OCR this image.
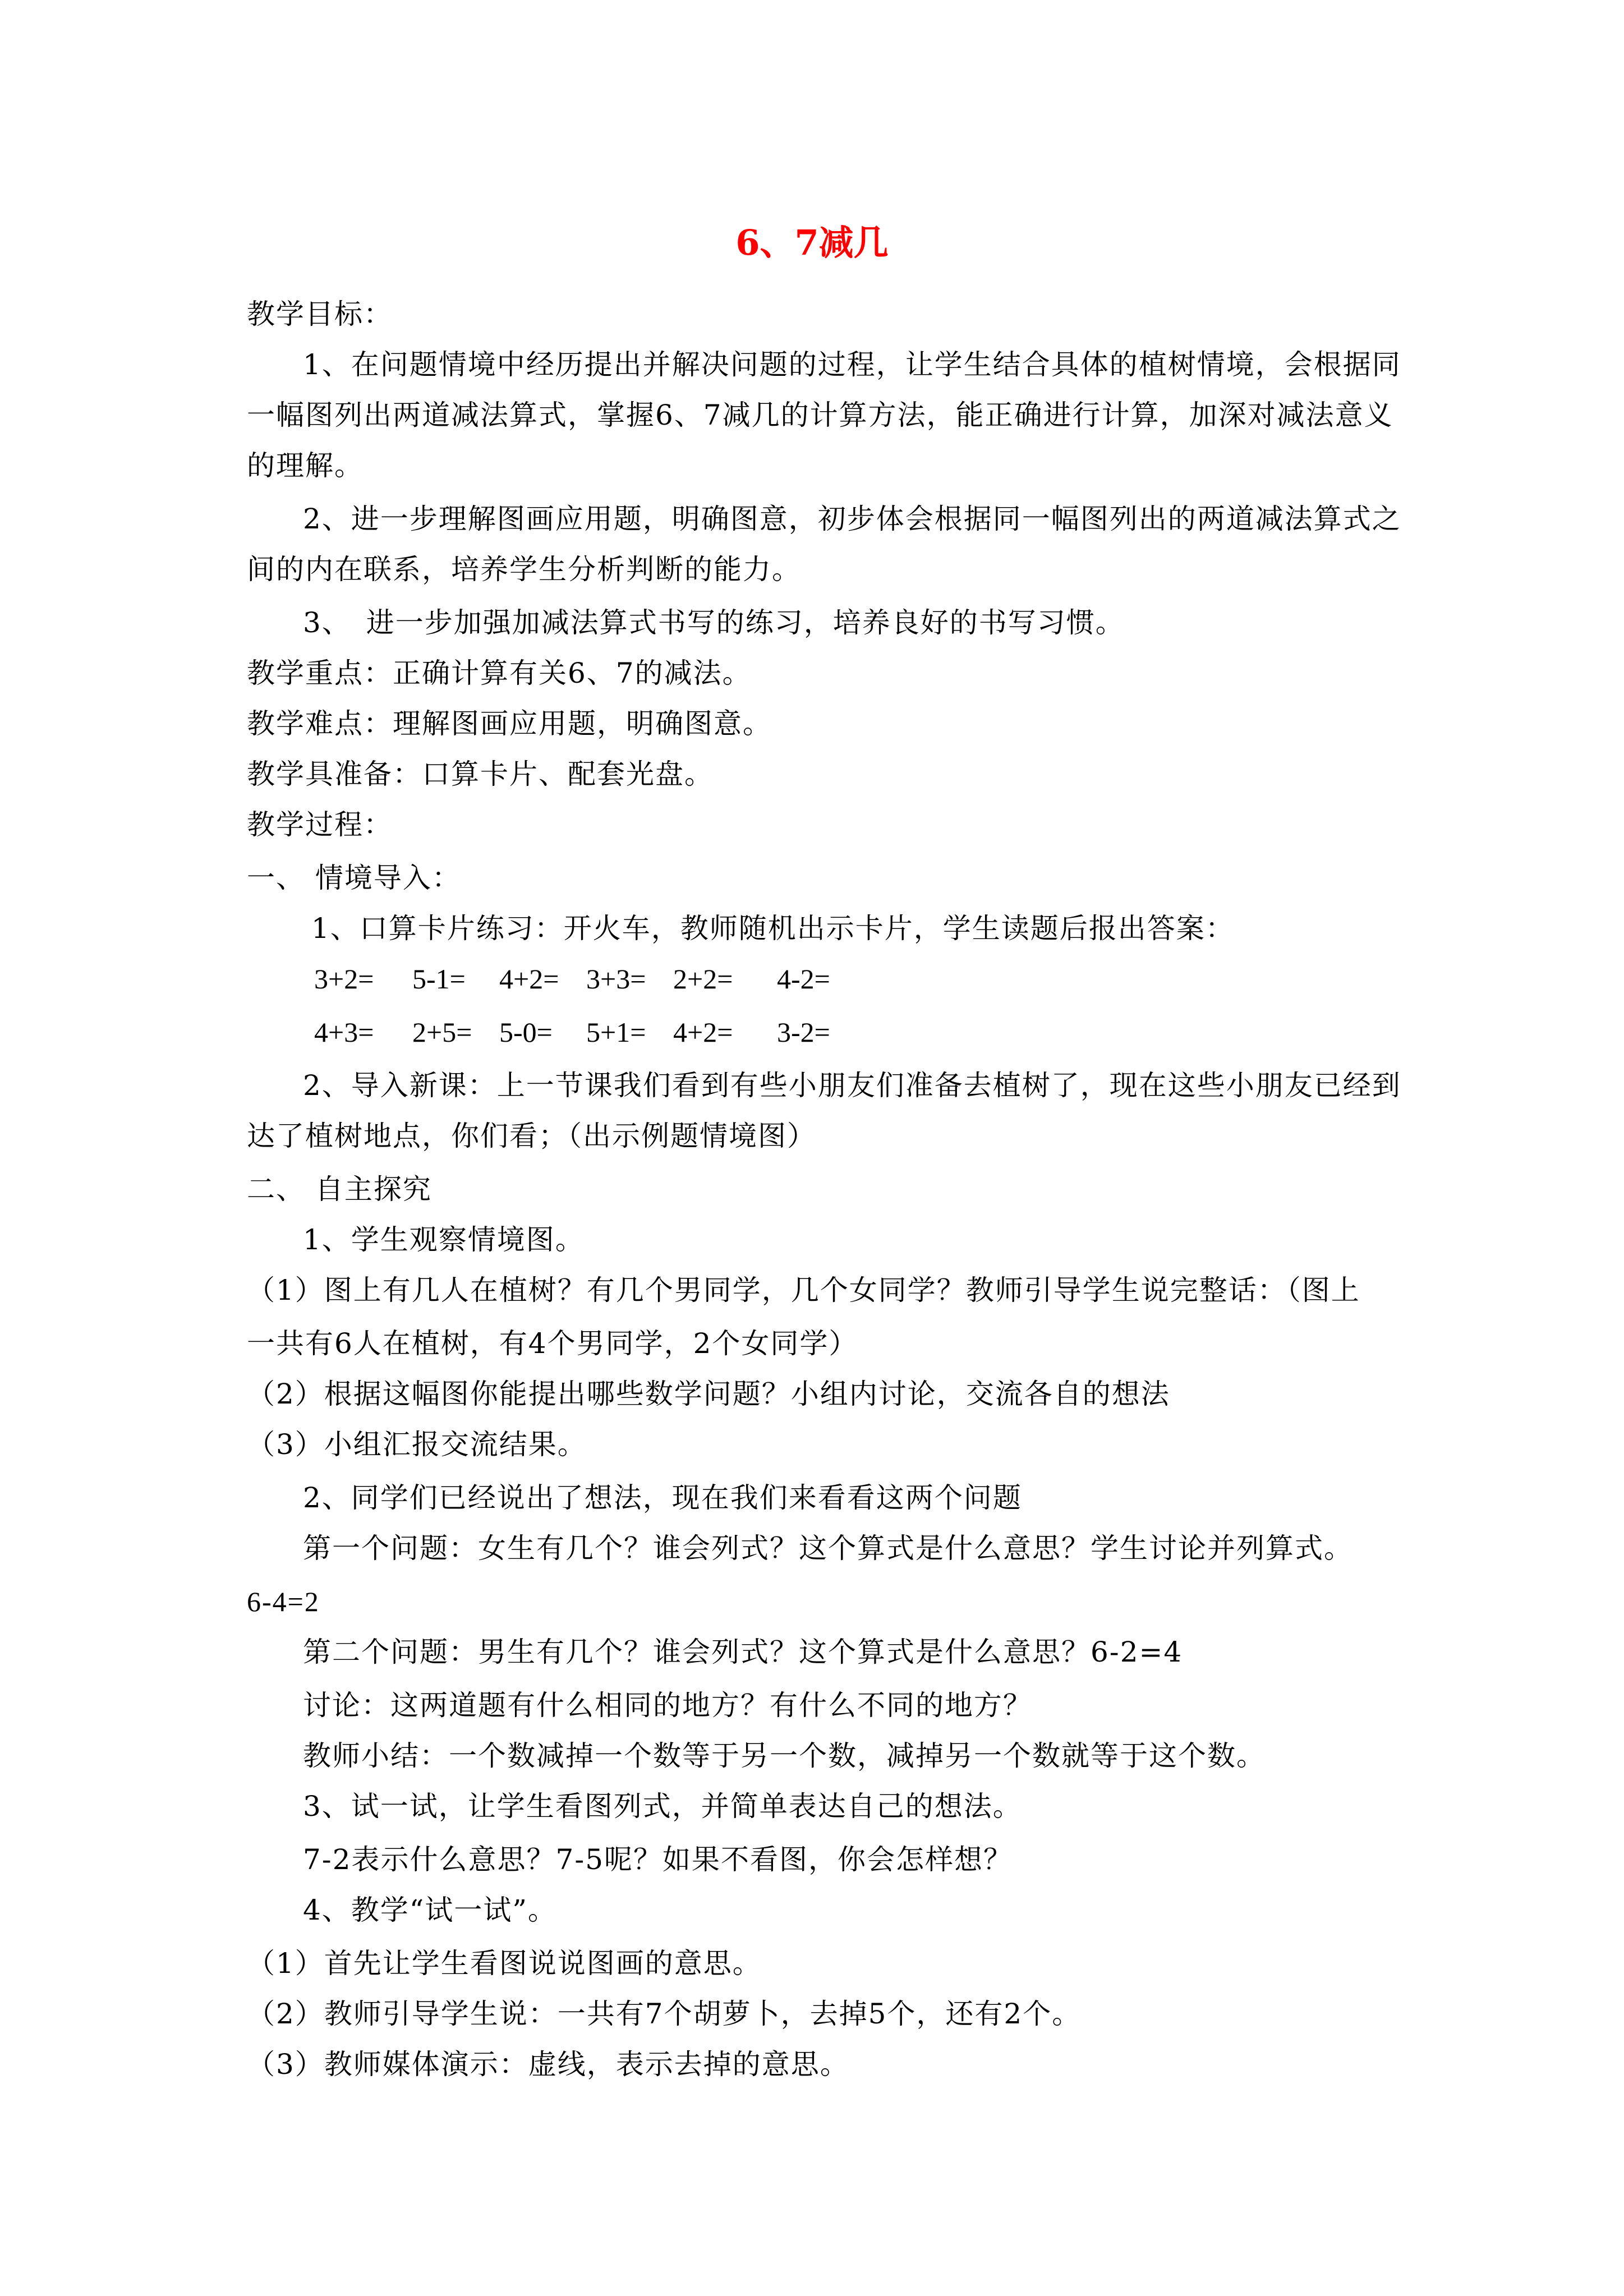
6、7减几
教学目标：
1、在问题情境中经历提出并解决问题的过程，让学生结合具体的植树情境，会根据同
一幅图列出两道减法算式，掌握6、7减几的计算方法，能正确进行计算，加深对减法意义
的理解。
2、进一步理解图画应用题，明确图意，初步体会根据同一幅图列出的两道减法算式之
间的内在联系，培养学生分析判断的能力。
3、　进一步加强加减法算式书写的练习，培养良好的书写习惯。
教学重点：正确计算有关6、7的减法。
教学难点：理解图画应用题，明确图意。
教学具准备：口算卡片、配套光盘。
教学过程：
一、 情境导入：
1、口算卡片练习：开火车，教师随机出示卡片，学生读题后报出答案：
3+2= 5-1= 4+2= 3+3= 2+2= 4-2=
4+3= 2+5= 5-0= 5+1= 4+2= 3-2=
2、导入新课：上一节课我们看到有些小朋友们准备去植树了，现在这些小朋友已经到
达了植树地点，你们看；（出示例题情境图）
二、 自主探究
1、学生观察情境图。
（1）图上有几人在植树？有几个男同学，几个女同学？教师引导学生说完整话：（图上
一共有6人在植树，有4个男同学，2个女同学）
（2）根据这幅图你能提出哪些数学问题？小组内讨论，交流各自的想法
（3）小组汇报交流结果。
2、同学们已经说出了想法，现在我们来看看这两个问题
第一个问题：女生有几个？谁会列式？这个算式是什么意思？学生讨论并列算式。
6-4=2
第二个问题：男生有几个？谁会列式？这个算式是什么意思？6-2=4
讨论：这两道题有什么相同的地方？有什么不同的地方？
教师小结：一个数减掉一个数等于另一个数，减掉另一个数就等于这个数。
3、试一试，让学生看图列式，并简单表达自己的想法。
7-2表示什么意思？7-5呢？如果不看图，你会怎样想？
4、教学“试一试”。
（1）首先让学生看图说说图画的意思。
（2）教师引导学生说：一共有7个胡萝卜，去掉5个，还有2个。
（3）教师媒体演示：虚线，表示去掉的意思。
